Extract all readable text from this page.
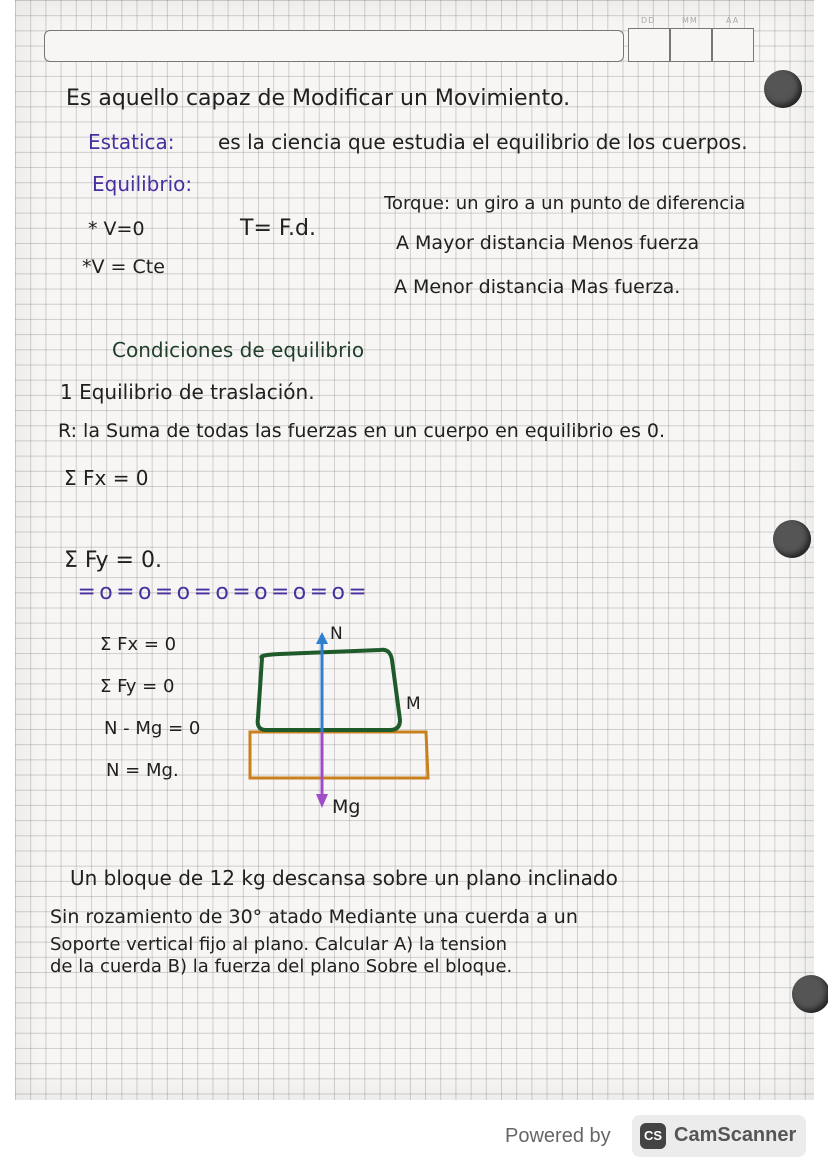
DD	MM	AA
Es aquello capaz de Modificar un Movimiento.
Estatica: es la ciencia que estudia el equilibrio de los cuerpos.
Equilibrio:
* V=0
*V = Cte
T= F.d.
Torque: un giro a un punto de diferencia
A Mayor distancia Menos fuerza
A Menor distancia Mas fuerza.
Condiciones de equilibrio
1 Equilibrio de traslación.
R: la Suma de todas las fuerzas en un cuerpo en equilibrio es 0.
Σ Fx = 0
Σ Fy = 0.
═o═o═o═o═o═o═o═
Σ Fx = 0
Σ Fy = 0
N - Mg = 0
N = Mg.
N
M
Mg
Un bloque de 12 kg descansa sobre un plano inclinado
Sin rozamiento de 30° atado Mediante una cuerda a un
Soporte vertical fijo al plano. Calcular A) la tension
de la cuerda B) la fuerza del plano Sobre el bloque.
Powered by	CS CamScanner
